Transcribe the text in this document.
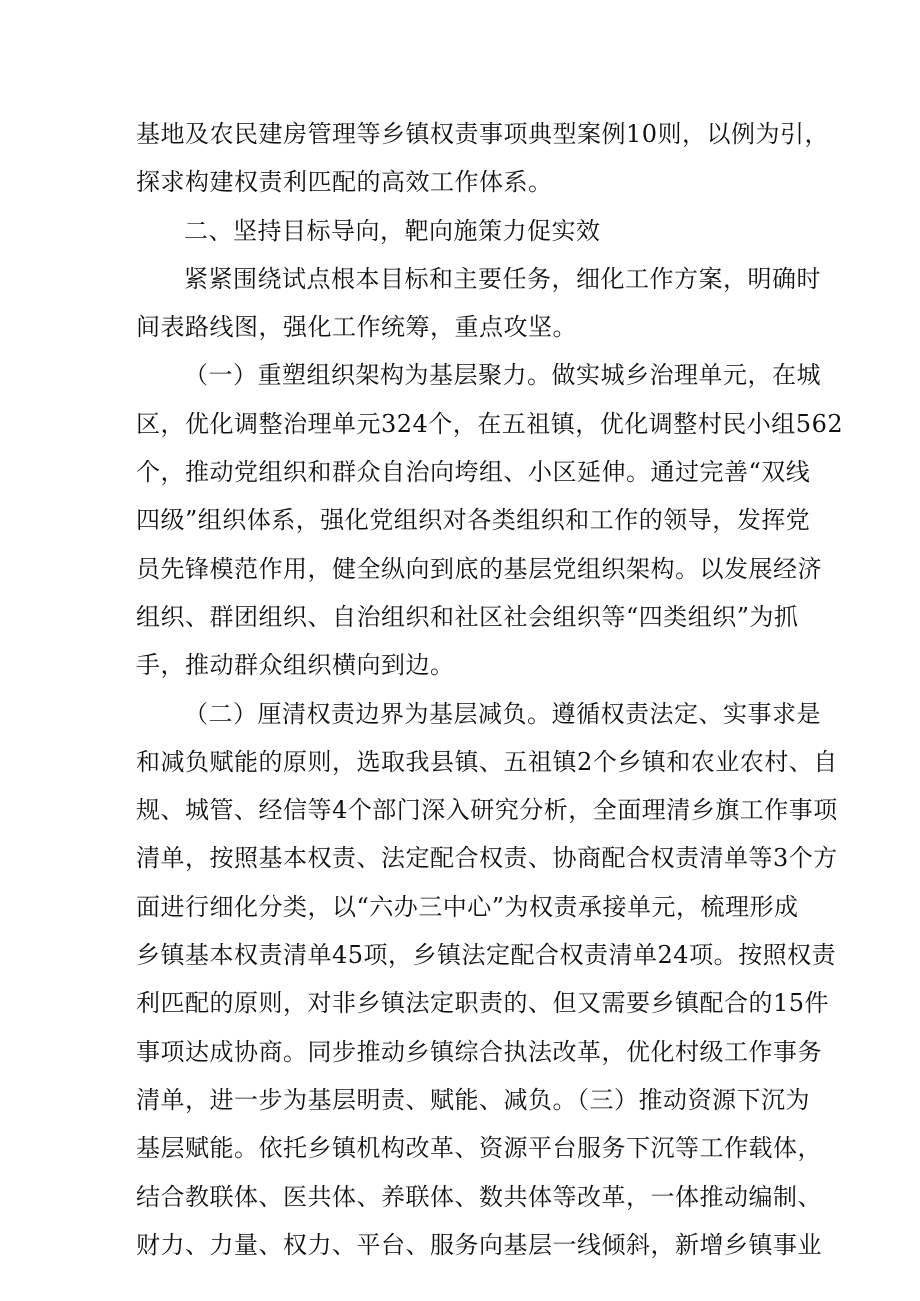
基地及农民建房管理等乡镇权责事项典型案例10则，以例为引，
探求构建权责利匹配的高效工作体系。
二、坚持目标导向，靶向施策力促实效
紧紧围绕试点根本目标和主要任务，细化工作方案，明确时
间表路线图，强化工作统筹，重点攻坚。
（一）重塑组织架构为基层聚力。做实城乡治理单元，在城
区，优化调整治理单元324个，在五祖镇，优化调整村民小组562
个，推动党组织和群众自治向垮组、小区延伸。通过完善“双线
四级”组织体系，强化党组织对各类组织和工作的领导，发挥党
员先锋模范作用，健全纵向到底的基层党组织架构。以发展经济
组织、群团组织、自治组织和社区社会组织等“四类组织”为抓
手，推动群众组织横向到边。
（二）厘清权责边界为基层减负。遵循权责法定、实事求是
和减负赋能的原则，选取我县镇、五祖镇2个乡镇和农业农村、自
规、城管、经信等4个部门深入研究分析，全面理清乡旗工作事项
清单，按照基本权责、法定配合权责、协商配合权责清单等3个方
面进行细化分类，以“六办三中心”为权责承接单元，梳理形成
乡镇基本权责清单45项，乡镇法定配合权责清单24项。按照权责
利匹配的原则，对非乡镇法定职责的、但又需要乡镇配合的15件
事项达成协商。同步推动乡镇综合执法改革，优化村级工作事务
清单，进一步为基层明责、赋能、减负。（三）推动资源下沉为
基层赋能。依托乡镇机构改革、资源平台服务下沉等工作载体，
结合教联体、医共体、养联体、数共体等改革，一体推动编制、
财力、力量、权力、平台、服务向基层一线倾斜，新增乡镇事业
